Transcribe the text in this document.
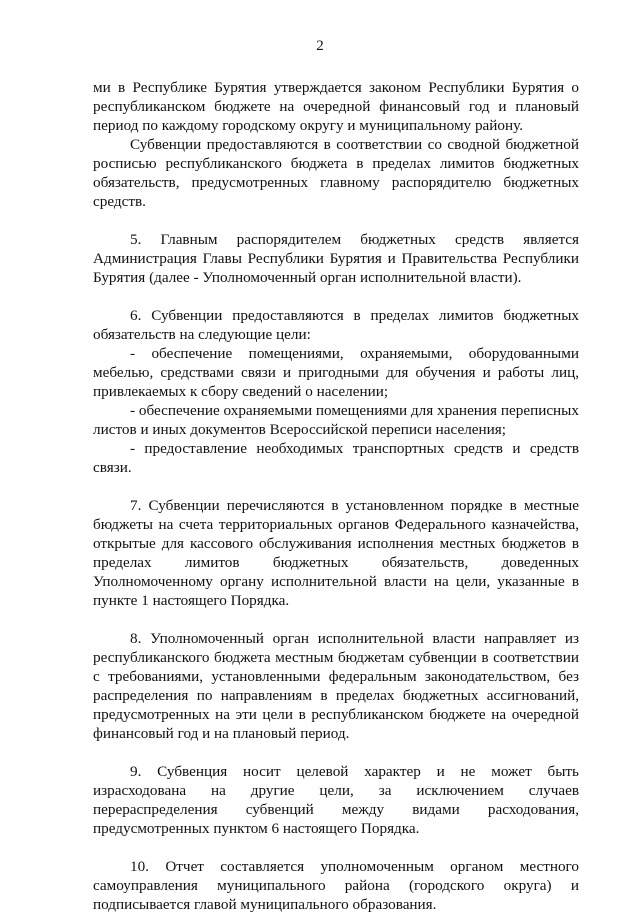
2

ми в Республике Бурятия утверждается законом Республики Бурятия о республиканском бюджете на очередной финансовый год и плановый период по каждому городскому округу и муниципальному району.

Субвенции предоставляются в соответствии со сводной бюджетной росписью республиканского бюджета в пределах лимитов бюджетных обязательств, предусмотренных главному распорядителю бюджетных средств.

5. Главным распорядителем бюджетных средств является Администрация Главы Республики Бурятия и Правительства Республики Бурятия (далее - Уполномоченный орган исполнительной власти).

6. Субвенции предоставляются в пределах лимитов бюджетных обязательств на следующие цели:

- обеспечение помещениями, охраняемыми, оборудованными мебелью, средствами связи и пригодными для обучения и работы лиц, привлекаемых к сбору сведений о населении;

- обеспечение охраняемыми помещениями для хранения переписных листов и иных документов Всероссийской переписи населения;

- предоставление необходимых транспортных средств и средств связи.

7. Субвенции перечисляются в установленном порядке в местные бюджеты на счета территориальных органов Федерального казначейства, открытые для кассового обслуживания исполнения местных бюджетов в пределах лимитов бюджетных обязательств, доведенных Уполномоченному органу исполнительной власти на цели, указанные в пункте 1 настоящего Порядка.

8. Уполномоченный орган исполнительной власти направляет из республиканского бюджета местным бюджетам субвенции в соответствии с требованиями, установленными федеральным законодательством, без распределения по направлениям в пределах бюджетных ассигнований, предусмотренных на эти цели в республиканском бюджете на очередной финансовый год и на плановый период.

9. Субвенция носит целевой характер и не может быть израсходована на другие цели, за исключением случаев перераспределения субвенций между видами расходования, предусмотренных пунктом 6 настоящего Порядка.

10. Отчет составляется уполномоченным органом местного самоуправления муниципального района (городского округа) и подписывается главой муниципального образования.
